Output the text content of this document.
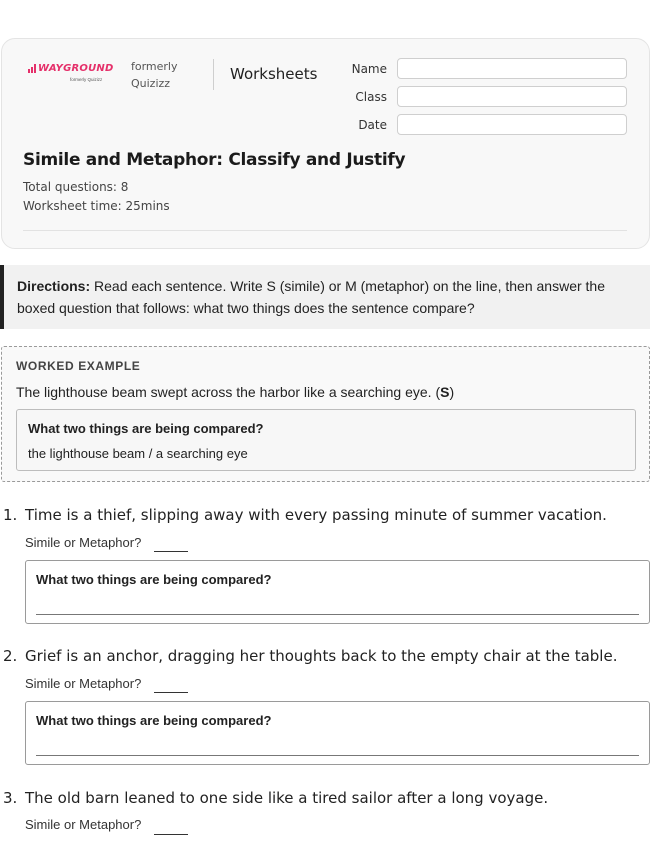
WAYGROUND
formerly Quizizz
formerly Quizizz
Worksheets	Name
Class
Date
Simile and Metaphor: Classify and Justify
Total questions: 8
Worksheet time: 25mins
Directions: Read each sentence. Write S (simile) or M (metaphor) on the line, then answer the boxed question that follows: what two things does the sentence compare?
WORKED EXAMPLE
The lighthouse beam swept across the harbor like a searching eye. (S)
What two things are being compared?
the lighthouse beam / a searching eye
1. Time is a thief, slipping away with every passing minute of summer vacation.
Simile or Metaphor?
What two things are being compared?
2. Grief is an anchor, dragging her thoughts back to the empty chair at the table.
Simile or Metaphor?
What two things are being compared?
3. The old barn leaned to one side like a tired sailor after a long voyage.
Simile or Metaphor?
